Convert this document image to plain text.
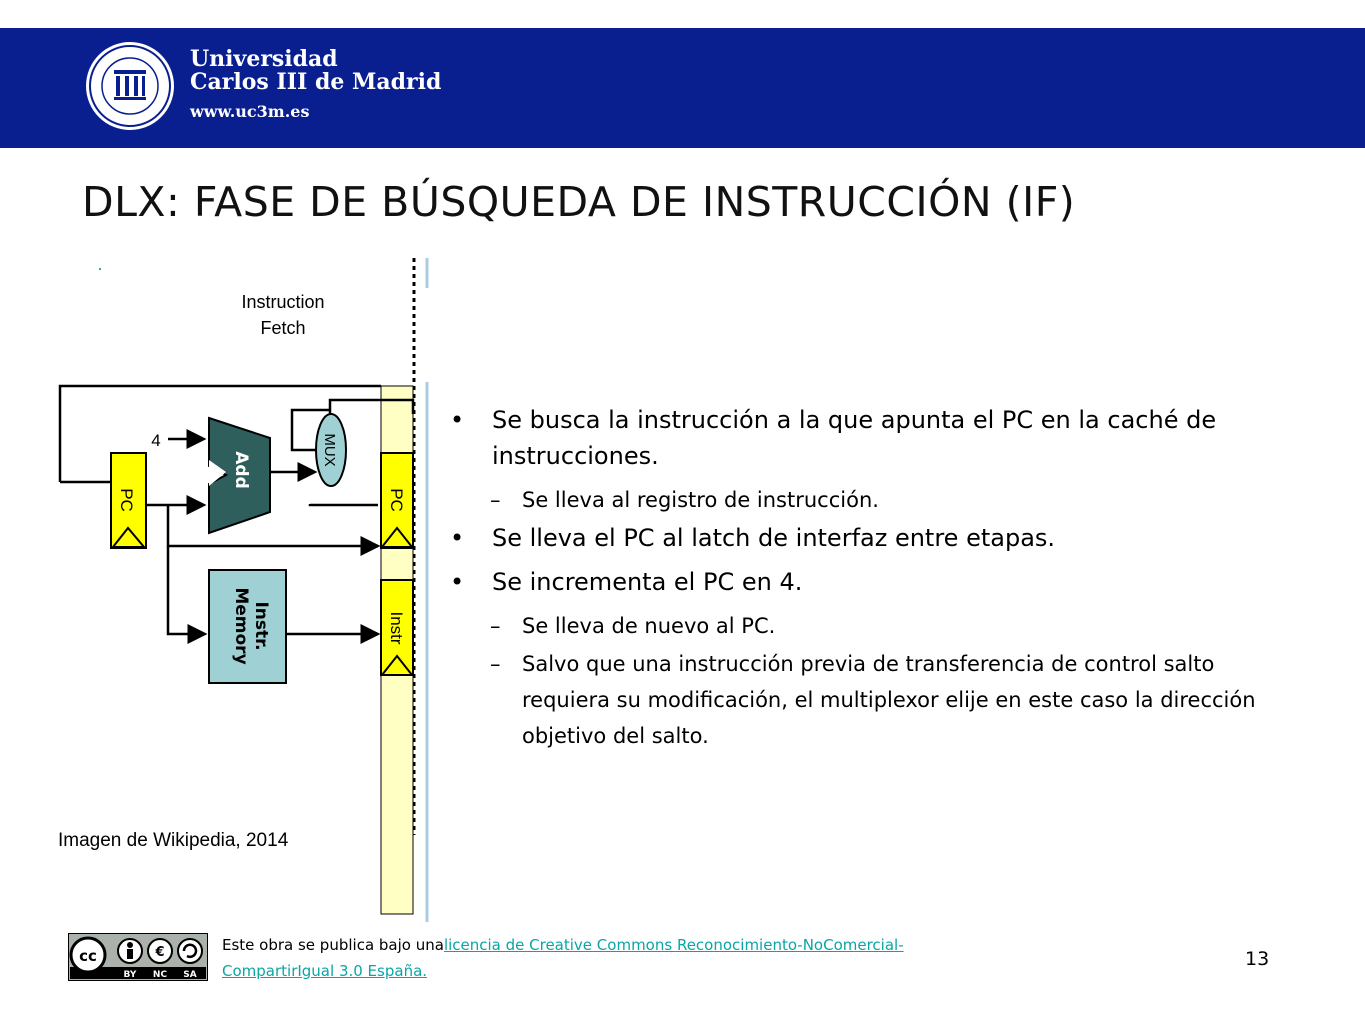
Universidad
Carlos III de Madrid
www.uc3m.es
DLX: FASE DE BÚSQUEDA DE INSTRUCCIÓN (IF)
Instruction
Fetch
4
PC
Add
MUX
PC
Instr.
Memory	Instr
Imagen de Wikipedia, 2014
• Se busca la instrucción a la que apunta el PC en la caché de instrucciones.
– Se lleva al registro de instrucción.
• Se lleva el PC al latch de interfaz entre etapas.
• Se incrementa el PC en 4.
– Se lleva de nuevo al PC.
– Salvo que una instrucción previa de transferencia de control salto requiera su modificación, el multiplexor elije en este caso la dirección objetivo del salto.
cc	€
BY NC SA
Este obra se publica bajo unalicencia de Creative Commons Reconocimiento-NoComercial-CompartirIgual 3.0 España.
13
